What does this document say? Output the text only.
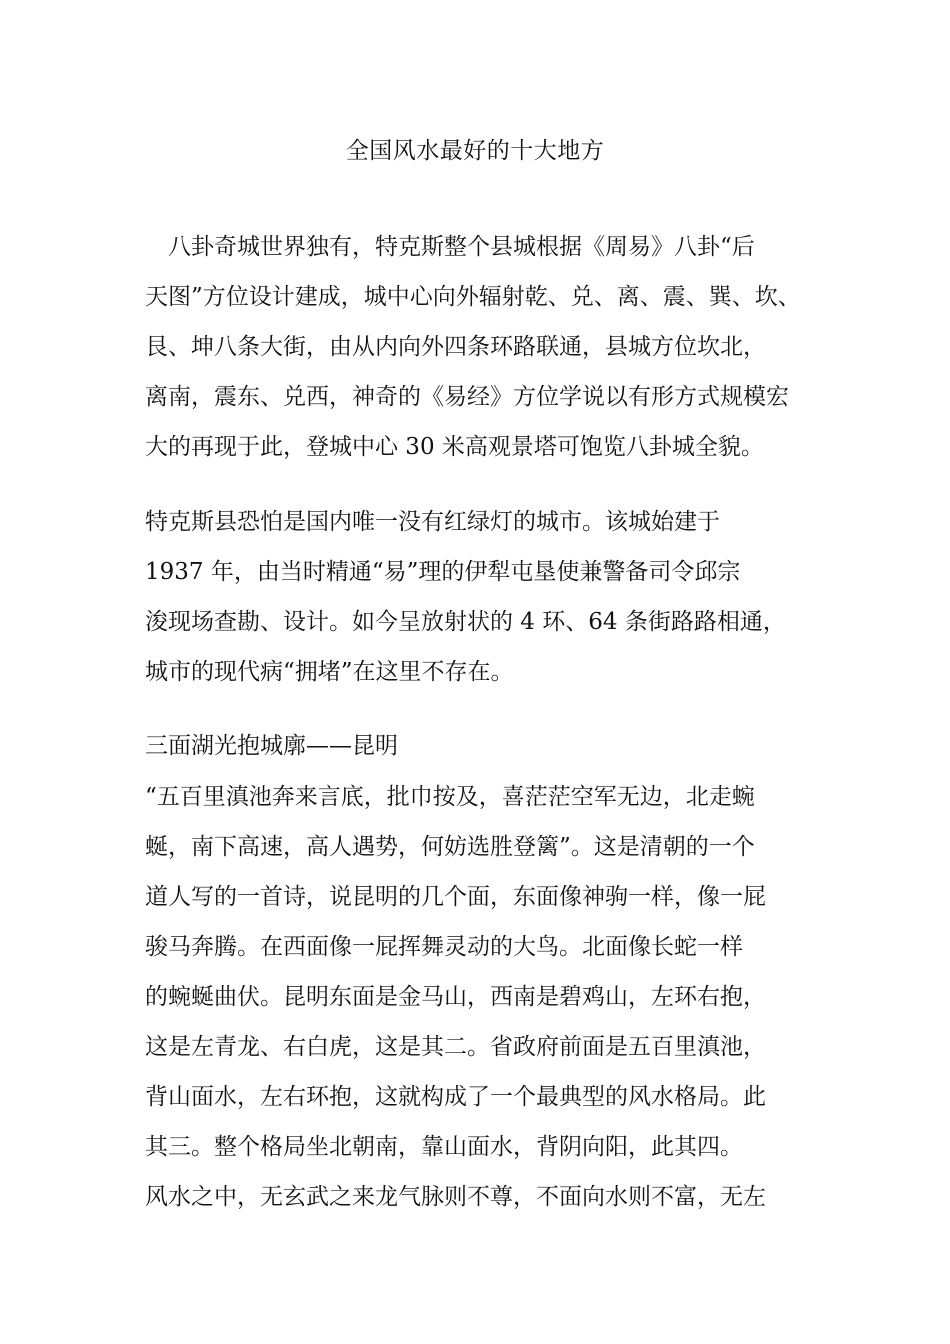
全国风水最好的十大地方

　八卦奇城世界独有，特克斯整个县城根据《周易》八卦“后
天图”方位设计建成，城中心向外辐射乾、兑、离、震、巽、坎、
艮、坤八条大街，由从内向外四条环路联通，县城方位坎北，
离南，震东、兑西，神奇的《易经》方位学说以有形方式规模宏
大的再现于此，登城中心 30 米高观景塔可饱览八卦城全貌。

特克斯县恐怕是国内唯一没有红绿灯的城市。该城始建于
1937 年，由当时精通“易”理的伊犁屯垦使兼警备司令邱宗
浚现场查勘、设计。如今呈放射状的 4 环、64 条街路路相通，
城市的现代病“拥堵”在这里不存在。

三面湖光抱城廓——昆明

“五百里滇池奔来言底，批巾按及，喜茫茫空军无边，北走蜿
蜒，南下高速，高人遇势，何妨选胜登篱”。这是清朝的一个
道人写的一首诗，说昆明的几个面，东面像神驹一样，像一屁
骏马奔腾。在西面像一屁挥舞灵动的大鸟。北面像长蛇一样
的蜿蜒曲伏。昆明东面是金马山，西南是碧鸡山，左环右抱，
这是左青龙、右白虎，这是其二。省政府前面是五百里滇池，
背山面水，左右环抱，这就构成了一个最典型的风水格局。此
其三。整个格局坐北朝南，靠山面水，背阴向阳，此其四。
风水之中，无玄武之来龙气脉则不尊，不面向水则不富，无左
